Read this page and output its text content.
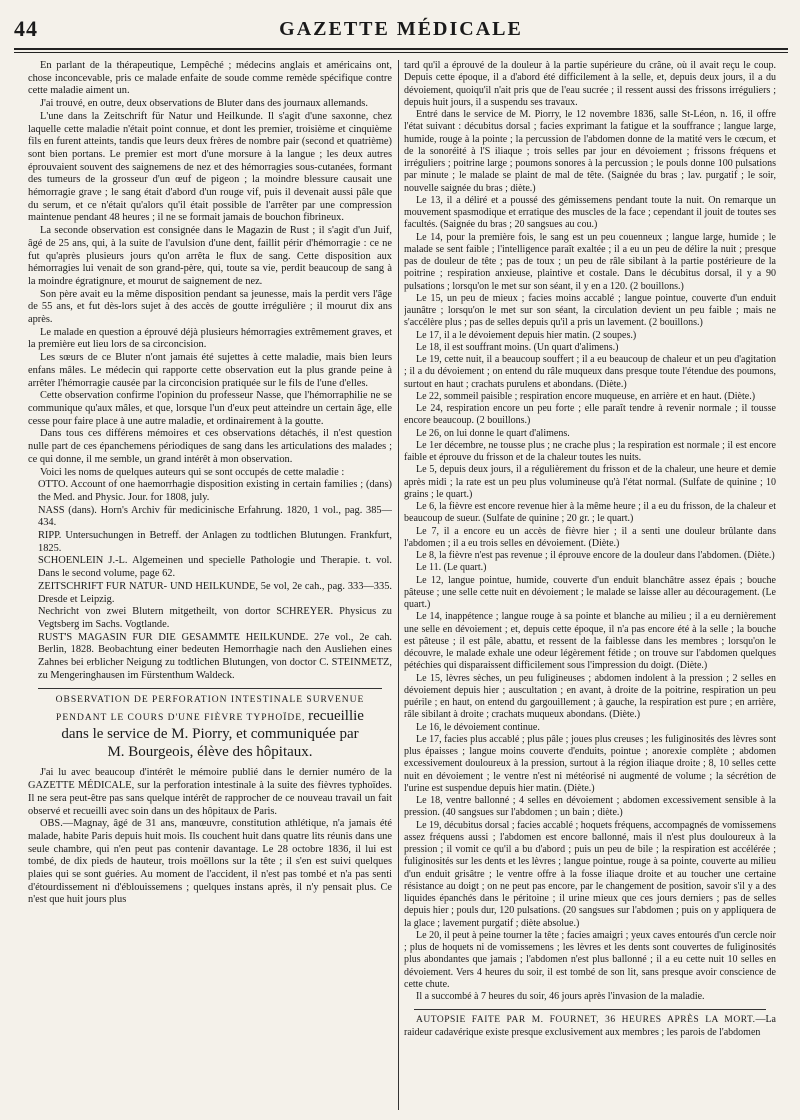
44	GAZETTE MÉDICALE

En parlant de la thérapeutique, Lempêché ; médecins anglais et américains ont, chose inconcevable, pris ce malade enfaite de soude comme remède spécifique contre cette maladie aiment un.

J'ai trouvé, en outre, deux observations de Bluter dans des journaux allemands.

L'une dans la Zeitschrift für Natur und Heilkunde. Il s'agit d'une saxonne, chez laquelle cette maladie n'était point connue, et dont les premier, troisième et cinquième fils en furent atteints, tandis que leurs deux frères de nombre pair (second et quatrième) sont bien portans. Le premier est mort d'une morsure à la langue ; les deux autres éprouvaient souvent des saignemens de nez et des hémorragies sous-cutanées, formant des tumeurs de la grosseur d'un œuf de pigeon ; la moindre blessure causait une hémorragie grave ; le sang était d'abord d'un rouge vif, puis il devenait aussi pâle que du serum, et ce n'était qu'alors qu'il était possible de l'arrêter par une compression maintenue pendant 48 heures ; il ne se formait jamais de bouchon fibrineux.

La seconde observation est consignée dans le Magazin de Rust ; il s'agit d'un Juif, âgé de 25 ans, qui, à la suite de l'avulsion d'une dent, faillit périr d'hémorragie : ce ne fut qu'après plusieurs jours qu'on arrêta le flux de sang. Cette disposition aux hémorragies lui venait de son grand-père, qui, toute sa vie, perdit beaucoup de sang à la moindre égratignure, et mourut de saignement de nez.

Son père avait eu la même disposition pendant sa jeunesse, mais la perdit vers l'âge de 55 ans, et fut dès-lors sujet à des accès de goutte irrégulière ; il mourut dix ans après.

Le malade en question a éprouvé déjà plusieurs hémorragies extrêmement graves, et la première eut lieu lors de sa circoncision.

Les sœurs de ce Bluter n'ont jamais été sujettes à cette maladie, mais bien leurs enfans mâles. Le médecin qui rapporte cette observation eut la plus grande peine à arrêter l'hémorragie causée par la circoncision pratiquée sur le fils de l'une d'elles.

Cette observation confirme l'opinion du professeur Nasse, que l'hémorraphilie ne se communique qu'aux mâles, et que, lorsque l'un d'eux peut atteindre un certain âge, elle cesse pour faire place à une autre maladie, et ordinairement à la goutte.

Dans tous ces différens mémoires et ces observations détachés, il n'est question nulle part de ces épanchemens périodiques de sang dans les articulations des malades ; ce qui donne, il me semble, un grand intérêt à mon observation.

Voici les noms de quelques auteurs qui se sont occupés de cette maladie :

OTTO. Account of one haemorrhagie disposition existing in certain families ; (dans) the Med. and Physic. Jour. for 1808, july.

NASS (dans). Horn's Archiv für medicinische Erfahrung. 1820, 1 vol., pag. 385—434.

RIPP. Untersuchungen in Betreff. der Anlagen zu todtlichen Blutungen. Frankfurt, 1825.

SCHOENLEIN J.-L. Algemeinen und specielle Pathologie und Therapie. t. vol. Dans le second volume, page 62.

ZEITSCHRIFT FUR NATUR- UND HEILKUNDE, 5e vol, 2e cah., pag. 333—335. Dresde et Leipzig.

Nechricht von zwei Blutern mitgetheilt, von dortor SCHREYER. Physicus zu Vegtsberg im Sachs. Vogtlande.

RUST'S MAGASIN FUR DIE GESAMMTE HEILKUNDE. 27e vol., 2e cah. Berlin, 1828. Beobachtung einer bedeuten Hemorrhagie nach den Ausliehen eines Zahnes bei erblicher Neigung zu todtlichen Blutungen, von doctor C. STEINMETZ, zu Mengeringhausen im Fürstenthum Waldeck.

OBSERVATION DE PERFORATION INTESTINALE SURVENUE
PENDANT LE COURS D'UNE FIÈVRE TYPHOÏDE, recueillie
dans le service de M. Piorry, et communiquée par
M. Bourgeois, élève des hôpitaux.

J'ai lu avec beaucoup d'intérêt le mémoire publié dans le dernier numéro de la GAZETTE MÉDICALE, sur la perforation intestinale à la suite des fièvres typhoïdes. Il ne sera peut-être pas sans quelque intérêt de rapprocher de ce nouveau travail un fait observé et recueilli avec soin dans un des hôpitaux de Paris.

OBS.—Magnay, âgé de 31 ans, manœuvre, constitution athlétique, n'a jamais été malade, habite Paris depuis huit mois. Ils couchent huit dans quatre lits réunis dans une seule chambre, qui n'en peut pas contenir davantage. Le 28 octobre 1836, il lui est tombé, de dix pieds de hauteur, trois moëllons sur la tête ; il s'en est suivi quelques plaies qui se sont guéries. Au moment de l'accident, il n'est pas tombé et n'a pas senti d'étourdissement ni d'éblouissemens ; quelques instans après, il n'y pensait plus. Ce n'est que huit jours plus

tard qu'il a éprouvé de la douleur à la partie supérieure du crâne, où il avait reçu le coup. Depuis cette époque, il a d'abord été difficilement à la selle, et, depuis deux jours, il a du dévoiement, quoiqu'il n'ait pris que de l'eau sucrée ; il ressent aussi des frissons irréguliers ; depuis huit jours, il a suspendu ses travaux.

Entré dans le service de M. Piorry, le 12 novembre 1836, salle St-Léon, n. 16, il offre l'état suivant : décubitus dorsal ; facies exprimant la fatigue et la souffrance ; langue large, humide, rouge à la pointe ; la percussion de l'abdomen donne de la matité vers le cœcum, et de la sonoréité à l'S iliaque ; trois selles par jour en dévoiement ; frissons fréquens et irréguliers ; poitrine large ; poumons sonores à la percussion ; le pouls donne 100 pulsations par minute ; le malade se plaint de mal de tête. (Saignée du bras ; lav. purgatif ; le soir, nouvelle saignée du bras ; diète.)

Le 13, il a déliré et a poussé des gémissemens pendant toute la nuit. On remarque un mouvement spasmodique et erratique des muscles de la face ; cependant il jouit de toutes ses facultés. (Saignée du bras ; 20 sangsues au cou.)

Le 14, pour la première fois, le sang est un peu couenneux ; langue large, humide ; le malade se sent faible ; l'intelligence paraît exaltée ; il a eu un peu de délire la nuit ; presque pas de douleur de tête ; pas de toux ; un peu de râle sibilant à la partie postérieure de la poitrine ; respiration anxieuse, plaintive et costale. Dans le décubitus dorsal, il y a 90 pulsations ; lorsqu'on le met sur son séant, il y en a 120. (2 bouillons.)

Le 15, un peu de mieux ; facies moins accablé ; langue pointue, couverte d'un enduit jaunâtre ; lorsqu'on le met sur son séant, la circulation devient un peu faible ; mais ne s'accélère plus ; pas de selles depuis qu'il a pris un lavement. (2 bouillons.)

Le 17, il a le dévoiement depuis hier matin. (2 soupes.)

Le 18, il est souffrant moins. (Un quart d'alimens.)

Le 19, cette nuit, il a beaucoup souffert ; il a eu beaucoup de chaleur et un peu d'agitation ; il a du dévoiement ; on entend du râle muqueux dans presque toute l'étendue des poumons, surtout en haut ; crachats purulens et abondans. (Diète.)

Le 22, sommeil paisible ; respiration encore muqueuse, en arrière et en haut. (Diète.)

Le 24, respiration encore un peu forte ; elle paraît tendre à revenir normale ; il tousse encore beaucoup. (2 bouillons.)

Le 26, on lui donne le quart d'alimens.

Le 1er décembre, ne tousse plus ; ne crache plus ; la respiration est normale ; il est encore faible et éprouve du frisson et de la chaleur toutes les nuits.

Le 5, depuis deux jours, il a régulièrement du frisson et de la chaleur, une heure et demie après midi ; la rate est un peu plus volumineuse qu'à l'état normal. (Sulfate de quinine ; 10 grains ; le quart.)

Le 6, la fièvre est encore revenue hier à la même heure ; il a eu du frisson, de la chaleur et beaucoup de sueur. (Sulfate de quinine ; 20 gr. ; le quart.)

Le 7, il a encore eu un accès de fièvre hier ; il a senti une douleur brûlante dans l'abdomen ; il a eu trois selles en dévoiement. (Diète.)

Le 8, la fièvre n'est pas revenue ; il éprouve encore de la douleur dans l'abdomen. (Diète.)

Le 11. (Le quart.)

Le 12, langue pointue, humide, couverte d'un enduit blanchâtre assez épais ; bouche pâteuse ; une selle cette nuit en dévoiement ; le malade se laisse aller au découragement. (Le quart.)

Le 14, inappétence ; langue rouge à sa pointe et blanche au milieu ; il a eu dernièrement une selle en dévoiement ; et, depuis cette époque, il n'a pas encore été à la selle ; la bouche est pâteuse ; il est pâle, abattu, et ressent de la faiblesse dans les membres ; lorsqu'on le découvre, le malade exhale une odeur légèrement fétide ; on trouve sur l'abdomen quelques pétéchies qui disparaissent difficilement sous l'impression du doigt. (Diète.)

Le 15, lèvres sèches, un peu fuligineuses ; abdomen indolent à la pression ; 2 selles en dévoiement depuis hier ; auscultation ; en avant, à droite de la poitrine, respiration un peu puérile ; en haut, on entend du gargouillement ; à gauche, la respiration est pure ; en arrière, râle sibilant à droite ; crachats muqueux abondans. (Diète.)

Le 16, le dévoiement continue.

Le 17, facies plus accablé ; plus pâle ; joues plus creuses ; les fuliginosités des lèvres sont plus épaisses ; langue moins couverte d'enduits, pointue ; anorexie complète ; abdomen excessivement douloureux à la pression, surtout à la région iliaque droite ; 8, 10 selles cette nuit en dévoiement ; le ventre n'est ni météorisé ni augmenté de volume ; la sécrétion de l'urine est suspendue depuis hier matin. (Diète.)

Le 18, ventre ballonné ; 4 selles en dévoiement ; abdomen excessivement sensible à la pression. (40 sangsues sur l'abdomen ; un bain ; diète.)

Le 19, décubitus dorsal ; facies accablé ; hoquets fréquens, accompagnés de vomissemens assez fréquens aussi ; l'abdomen est encore ballonné, mais il n'est plus douloureux à la pression ; il vomit ce qu'il a bu d'abord ; puis un peu de bile ; la respiration est accélérée ; fuliginosités sur les dents et les lèvres ; langue pointue, rouge à sa pointe, couverte au milieu d'un enduit grisâtre ; le ventre offre à la fosse iliaque droite et au toucher une certaine résistance au doigt ; on ne peut pas encore, par le changement de position, savoir s'il y a des liquides épanchés dans le péritoine ; il urine mieux que ces jours derniers ; pas de selles depuis hier ; pouls dur, 120 pulsations. (20 sangsues sur l'abdomen ; puis on y appliquera de la glace ; lavement purgatif ; diète absolue.)

Le 20, il peut à peine tourner la tête ; facies amaigri ; yeux caves entourés d'un cercle noir ; plus de hoquets ni de vomissemens ; les lèvres et les dents sont couvertes de fuliginosités plus abondantes que jamais ; l'abdomen n'est plus ballonné ; il a eu cette nuit 10 selles en dévoiement. Vers 4 heures du soir, il est tombé de son lit, sans presque avoir conscience de cette chute.

Il a succombé à 7 heures du soir, 46 jours après l'invasion de la maladie.

AUTOPSIE FAITE PAR M. FOURNET, 36 HEURES APRÈS LA MORT.—La raideur cadavérique existe presque exclusivement aux membres ; les parois de l'abdomen
